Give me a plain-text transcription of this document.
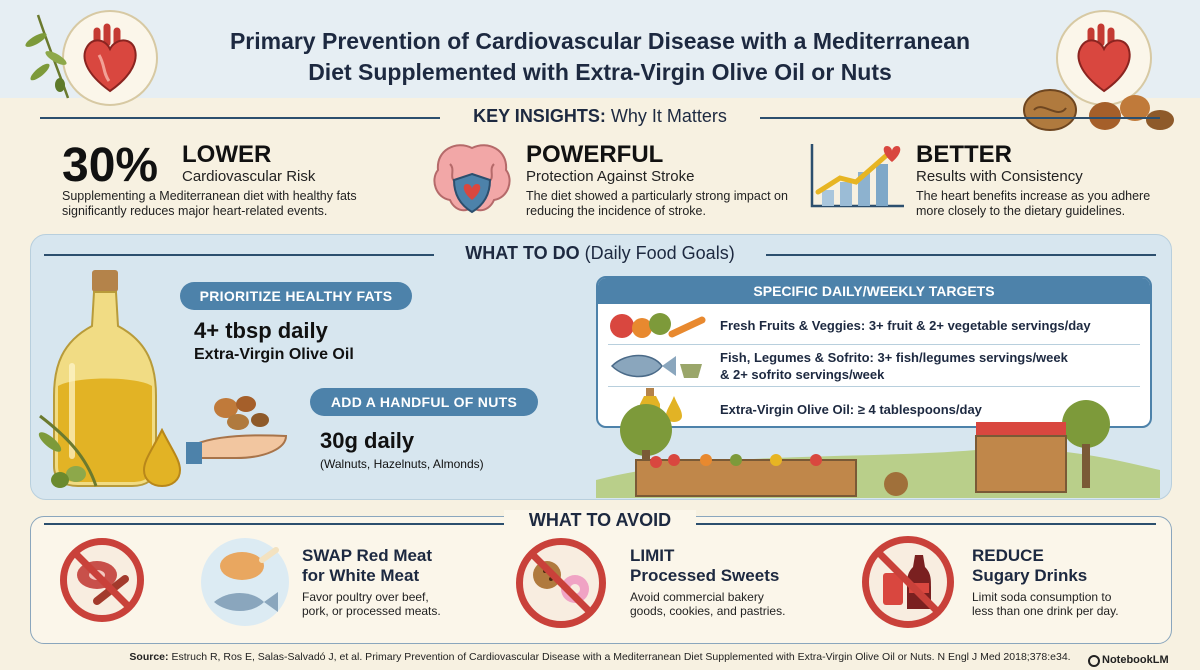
Primary Prevention of Cardiovascular Disease with a Mediterranean
Diet Supplemented with Extra-Virgin Olive Oil or Nuts
KEY INSIGHTS: Why It Matters
30% LOWER
Cardiovascular Risk
Supplementing a Mediterranean diet with healthy fats significantly reduces major heart-related events.
POWERFUL
Protection Against Stroke
The diet showed a particularly strong impact on reducing the incidence of stroke.
BETTER
Results with Consistency
The heart benefits increase as you adhere more closely to the dietary guidelines.
WHAT TO DO (Daily Food Goals)
PRIORITIZE HEALTHY FATS
4+ tbsp daily
Extra-Virgin Olive Oil
ADD A HANDFUL OF NUTS
30g daily
(Walnuts, Hazelnuts, Almonds)
SPECIFIC DAILY/WEEKLY TARGETS
Fresh Fruits & Veggies: 3+ fruit & 2+ vegetable servings/day
Fish, Legumes & Sofrito: 3+ fish/legumes servings/week
& 2+ sofrito servings/week
Extra-Virgin Olive Oil: ≥ 4 tablespoons/day
WHAT TO AVOID
SWAP Red Meat
for White Meat
Favor poultry over beef,
pork, or processed meats.
LIMIT
Processed Sweets
Avoid commercial bakery
goods, cookies, and pastries.
REDUCE
Sugary Drinks
Limit soda consumption to
less than one drink per day.
Source: Estruch R, Ros E, Salas-Salvadó J, et al. Primary Prevention of Cardiovascular Disease with a Mediterranean Diet Supplemented with Extra-Virgin Olive Oil or Nuts. N Engl J Med 2018;378:e34.	NotebookLM
